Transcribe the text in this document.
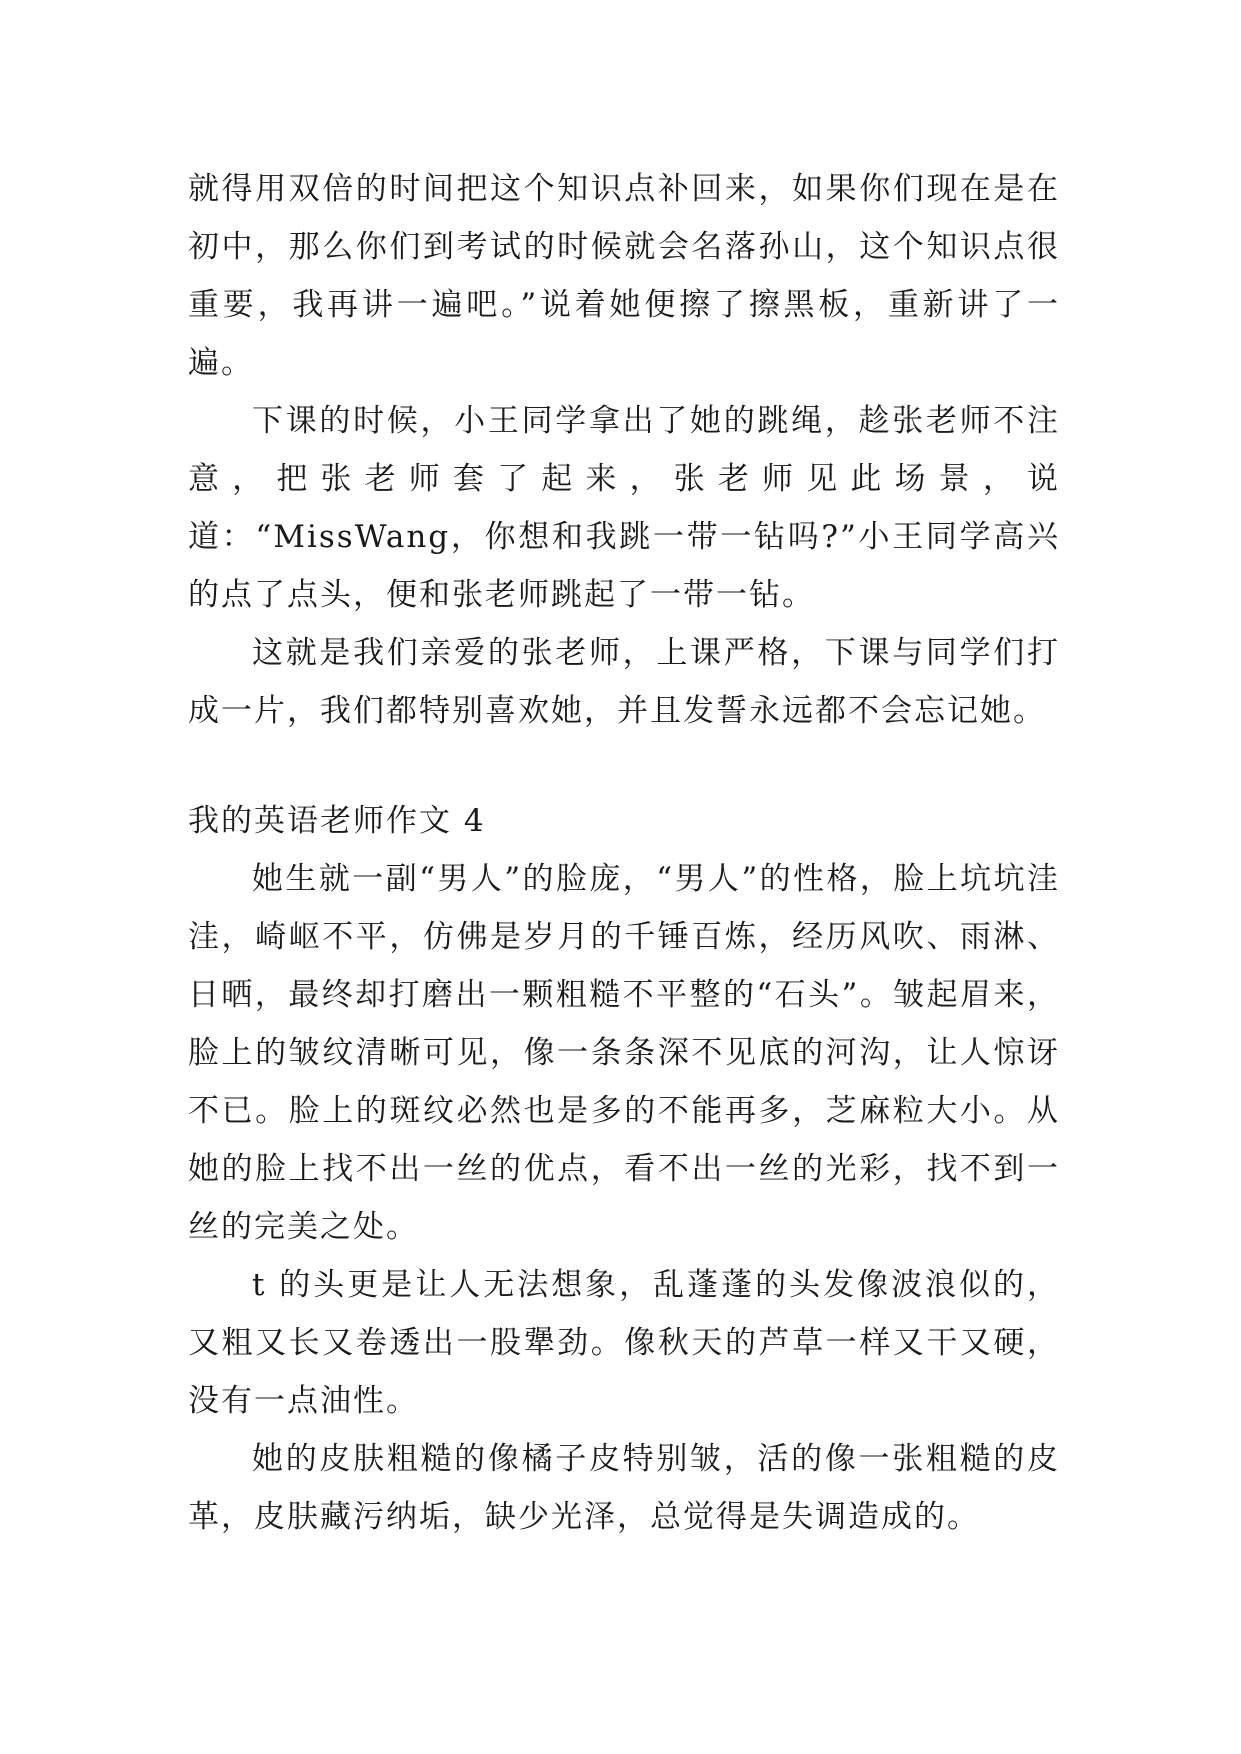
就得用双倍的时间把这个知识点补回来，如果你们现在是在初中，那么你们到考试的时候就会名落孙山，这个知识点很重要，我再讲一遍吧。”说着她便擦了擦黑板，重新讲了一遍。

下课的时候，小王同学拿出了她的跳绳，趁张老师不注意，把张老师套了起来，张老师见此场景，说道：“MissWang，你想和我跳一带一钻吗?”小王同学高兴的点了点头，便和张老师跳起了一带一钻。

这就是我们亲爱的张老师，上课严格，下课与同学们打成一片，我们都特别喜欢她，并且发誓永远都不会忘记她。

我的英语老师作文 4

她生就一副“男人”的脸庞，“男人”的性格，脸上坑坑洼洼，崎岖不平，仿佛是岁月的千锤百炼，经历风吹、雨淋、日晒，最终却打磨出一颗粗糙不平整的“石头”。皱起眉来，脸上的皱纹清晰可见，像一条条深不见底的河沟，让人惊讶不已。脸上的斑纹必然也是多的不能再多，芝麻粒大小。从她的脸上找不出一丝的优点，看不出一丝的光彩，找不到一丝的完美之处。

t 的头更是让人无法想象，乱蓬蓬的头发像波浪似的，又粗又长又卷透出一股犟劲。像秋天的芦草一样又干又硬，没有一点油性。

她的皮肤粗糙的像橘子皮特别皱，活的像一张粗糙的皮革，皮肤藏污纳垢，缺少光泽，总觉得是失调造成的。
